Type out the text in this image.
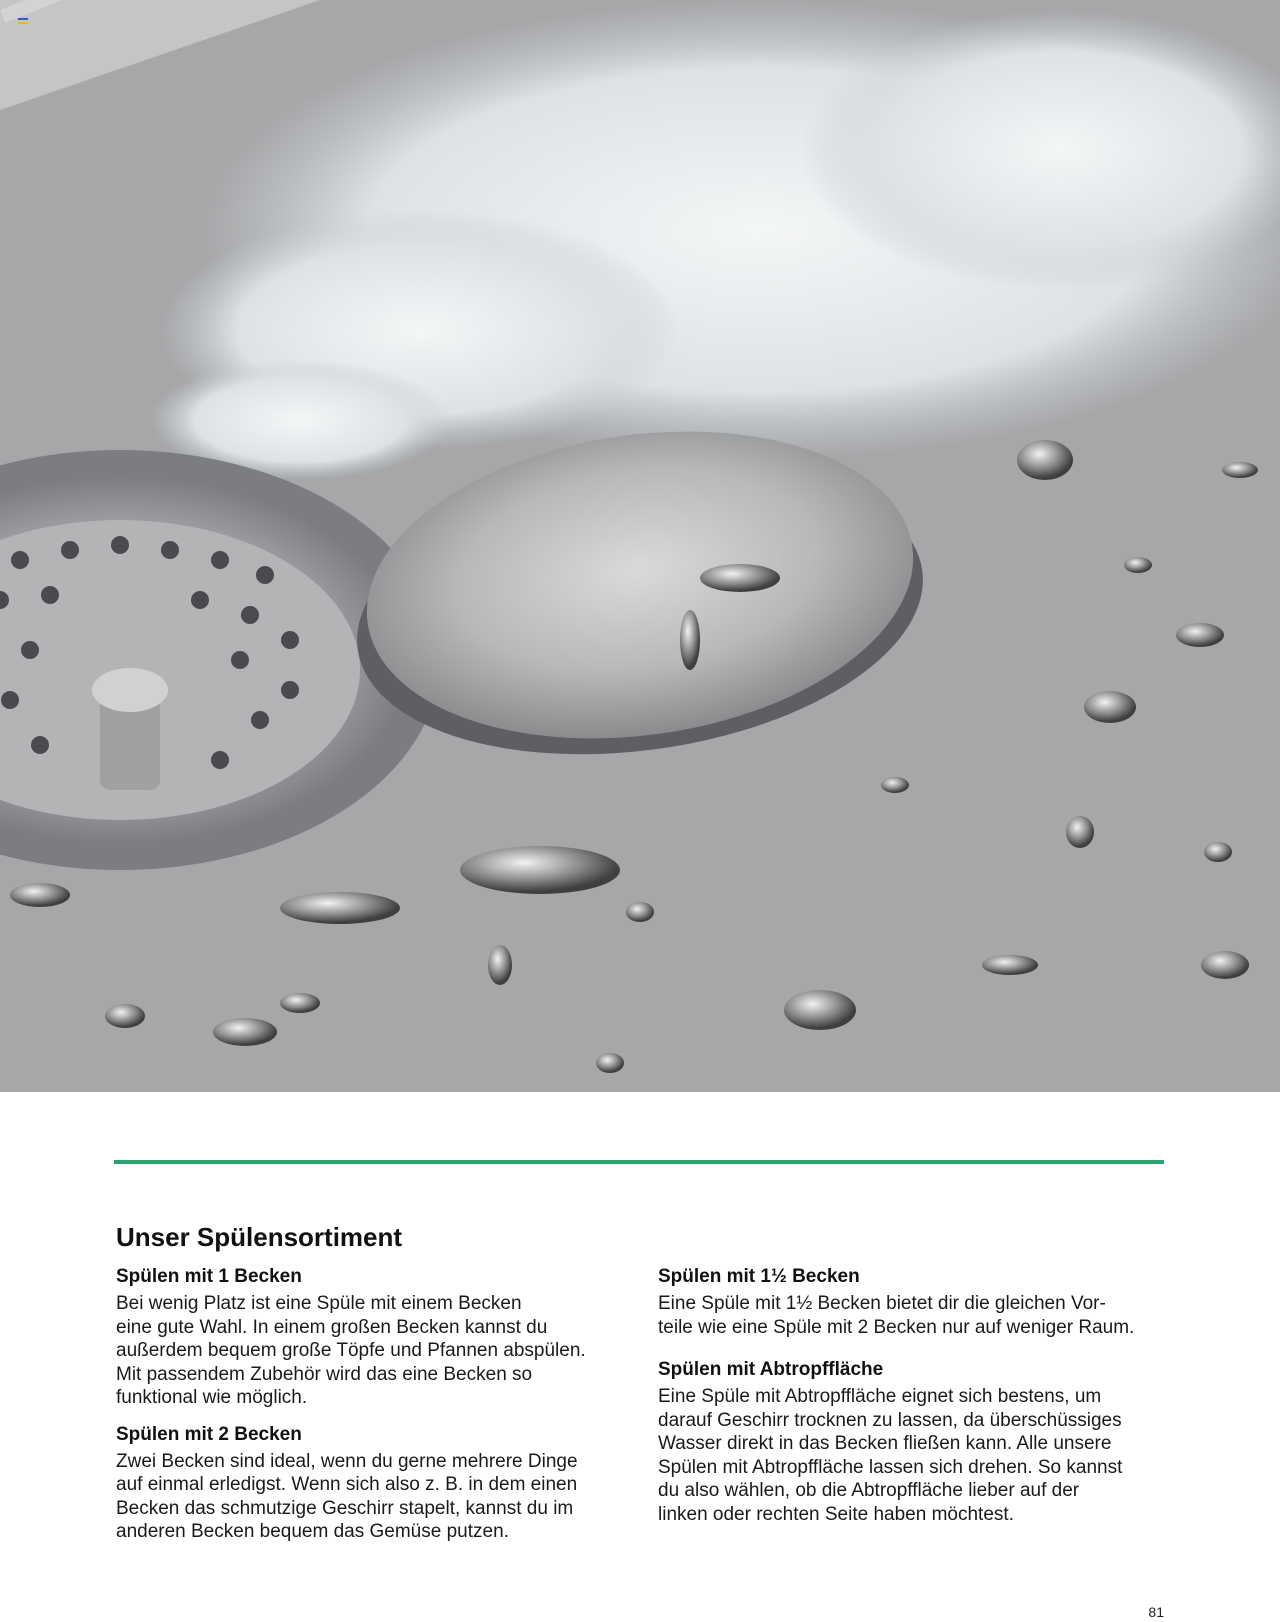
Unser Spülensortiment
Spülen mit 1 Becken

Bei wenig Platz ist eine Spüle mit einem Becken
eine gute Wahl. In einem großen Becken kannst du
außerdem bequem große Töpfe und Pfannen abspülen.
Mit passendem Zubehör wird das eine Becken so
funktional wie möglich.

Spülen mit 2 Becken

Zwei Becken sind ideal, wenn du gerne mehrere Dinge
auf einmal erledigst. Wenn sich also z. B. in dem einen
Becken das schmutzige Geschirr stapelt, kannst du im
anderen Becken bequem das Gemüse putzen.

Spülen mit 1½ Becken

Eine Spüle mit 1½ Becken bietet dir die gleichen Vor-
teile wie eine Spüle mit 2 Becken nur auf weniger Raum.

Spülen mit Abtropffläche

Eine Spüle mit Abtropffläche eignet sich bestens, um
darauf Geschirr trocknen zu lassen, da überschüssiges
Wasser direkt in das Becken fließen kann. Alle unsere
Spülen mit Abtropffläche lassen sich drehen. So kannst
du also wählen, ob die Abtropffläche lieber auf der
linken oder rechten Seite haben möchtest.

81
